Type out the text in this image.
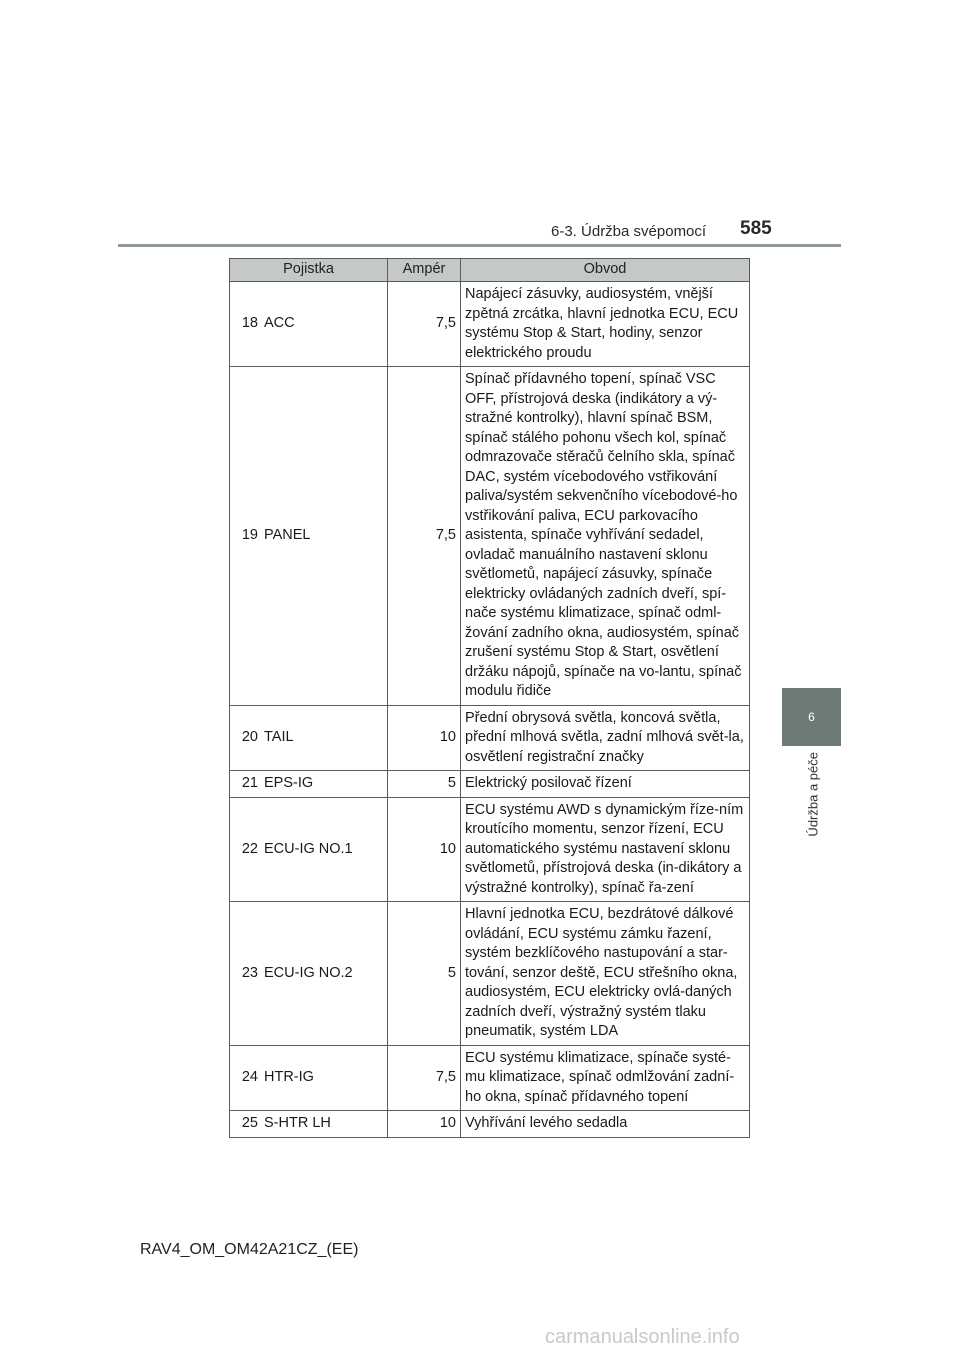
6-3. Údržba svépomocí 585
6
Údržba a péče
Pojistka		Ampér	Obvod
18	ACC	7,5	Napájecí zásuvky, audiosystém, vnější zpětná zrcátka, hlavní jednotka ECU, ECU systému Stop & Start, hodiny, senzor elektrického proudu
19	PANEL	7,5	Spínač přídavného topení, spínač VSC OFF, přístrojová deska (indikátory a vý-stražné kontrolky), hlavní spínač BSM, spínač stálého pohonu všech kol, spínač odmrazovače stěračů čelního skla, spínač DAC, systém vícebodového vstřikování paliva/systém sekvenčního vícebodové-ho vstřikování paliva, ECU parkovacího asistenta, spínače vyhřívání sedadel, ovladač manuálního nastavení sklonu světlometů, napájecí zásuvky, spínače elektricky ovládaných zadních dveří, spí-nače systému klimatizace, spínač odml-žování zadního okna, audiosystém, spínač zrušení systému Stop & Start, osvětlení držáku nápojů, spínače na vo-lantu, spínač modulu řidiče
20	TAIL	10	Přední obrysová světla, koncová světla, přední mlhová světla, zadní mlhová svět-la, osvětlení registrační značky
21	EPS-IG	5	Elektrický posilovač řízení
22	ECU-IG NO.1	10	ECU systému AWD s dynamickým říze-ním kroutícího momentu, senzor řízení, ECU automatického systému nastavení sklonu světlometů, přístrojová deska (in-dikátory a výstražné kontrolky), spínač řa-zení
23	ECU-IG NO.2	5	Hlavní jednotka ECU, bezdrátové dálkové ovládání, ECU systému zámku řazení, systém bezklíčového nastupování a star-tování, senzor deště, ECU střešního okna, audiosystém, ECU elektricky ovlá-daných zadních dveří, výstražný systém tlaku pneumatik, systém LDA
24	HTR-IG	7,5	ECU systému klimatizace, spínače systé-mu klimatizace, spínač odmlžování zadní-ho okna, spínač přídavného topení
25	S-HTR LH	10	Vyhřívání levého sedadla
RAV4_OM_OM42A21CZ_(EE)
carmanualsonline.info
